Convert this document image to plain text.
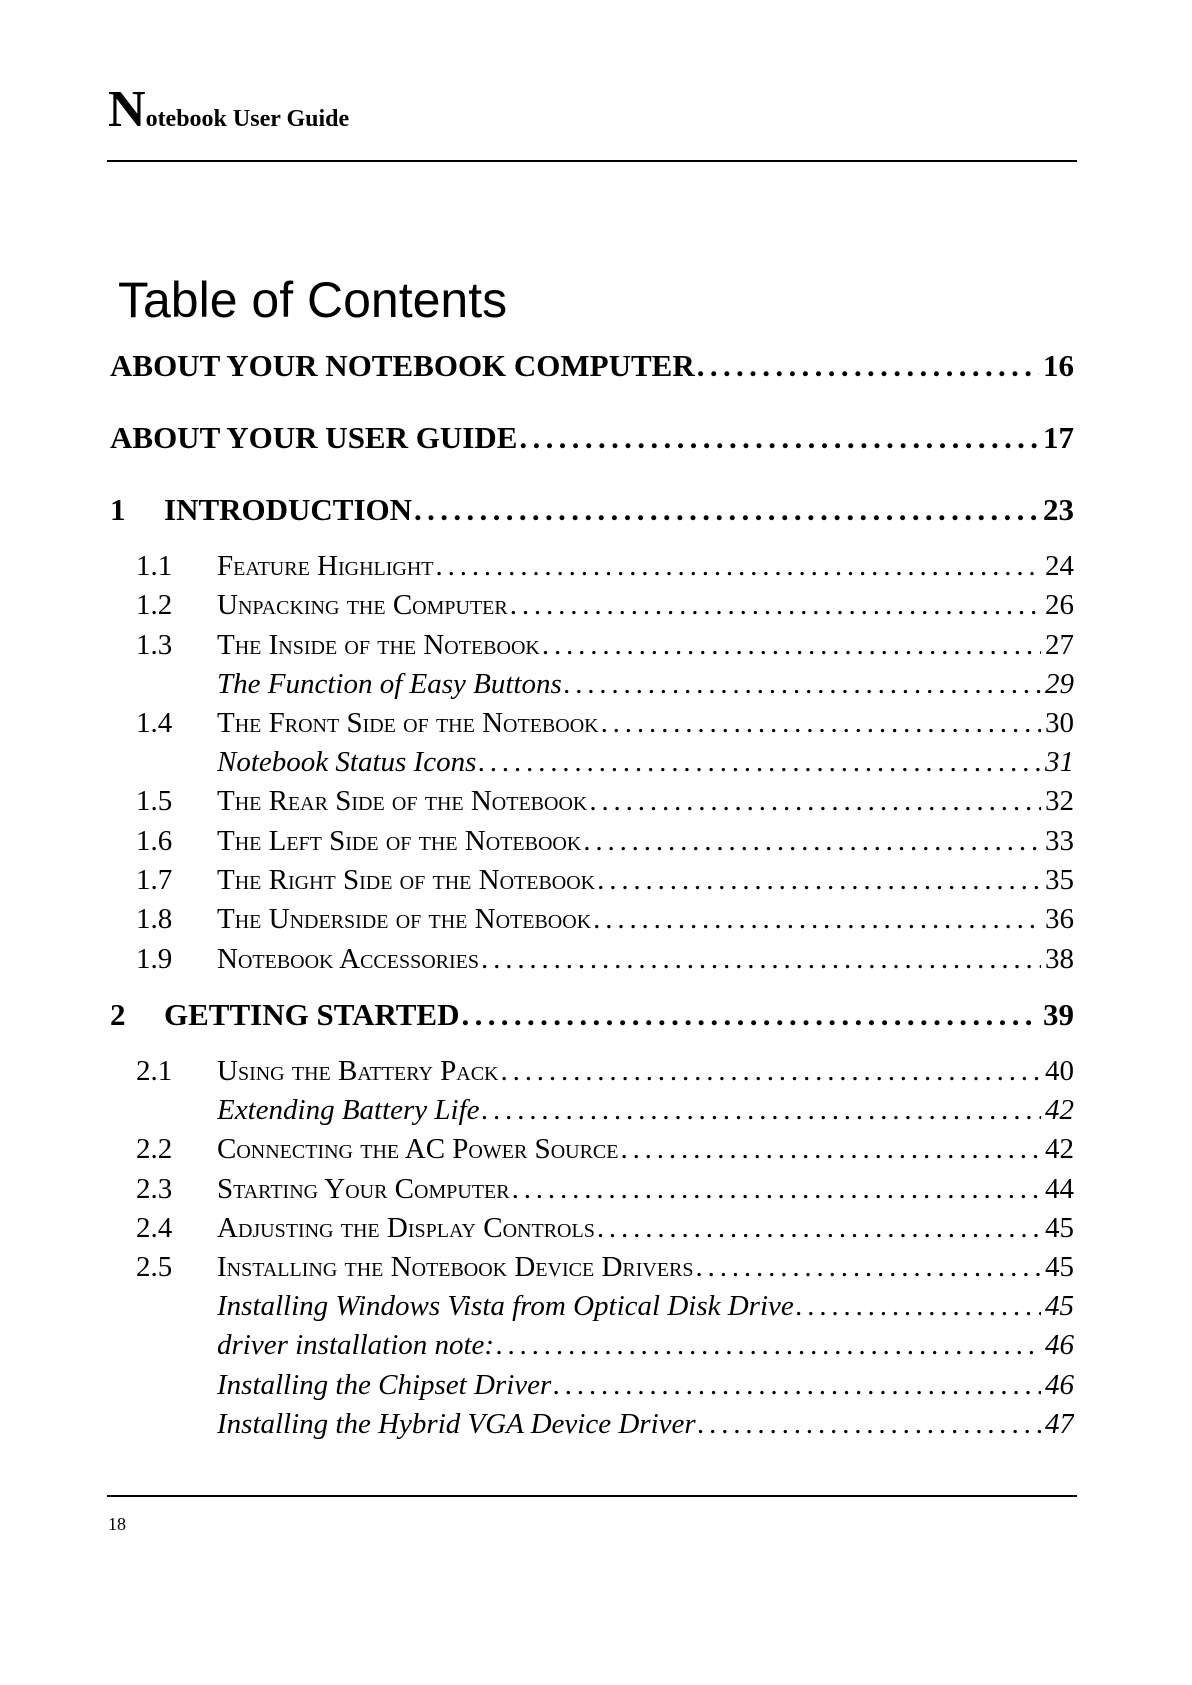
Notebook User Guide
Table of Contents
ABOUT YOUR NOTEBOOK COMPUTER . . .	16
ABOUT YOUR USER GUIDE . . .	17
1	INTRODUCTION . . .	23
1.1	Feature Highlight . . .	24
1.2	Unpacking the Computer . . .	26
1.3	The Inside of the Notebook . . .	27
The Function of Easy Buttons . . .	29
1.4	The Front Side of the Notebook . . .	30
Notebook Status Icons . . .	31
1.5	The Rear Side of the Notebook . . .	32
1.6	The Left Side of the Notebook . . .	33
1.7	The Right Side of the Notebook . . .	35
1.8	The Underside of the Notebook . . .	36
1.9	Notebook Accessories . . .	38
2	GETTING STARTED . . .	39
2.1	Using the Battery Pack . . .	40
Extending Battery Life . . .	42
2.2	Connecting the AC Power Source . . .	42
2.3	Starting Your Computer . . .	44
2.4	Adjusting the Display Controls . . .	45
2.5	Installing the Notebook Device Drivers . . .	45
Installing Windows Vista from Optical Disk Drive . . .	45
driver installation note: . . .	46
Installing the Chipset Driver . . .	46
Installing the Hybrid VGA Device Driver . . .	47
18
